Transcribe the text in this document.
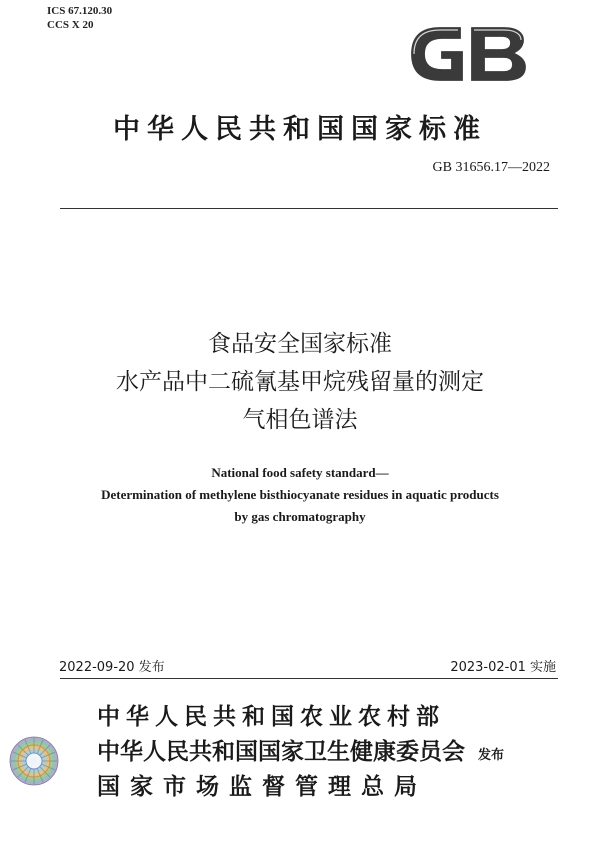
ICS 67.120.30
CCS X 20
中华人民共和国国家标准
GB 31656.17—2022
食品安全国家标准
水产品中二硫氰基甲烷残留量的测定
气相色谱法
National food safety standard—
Determination of methylene bisthiocyanate residues in aquatic products
by gas chromatography
2022-09-20 发布	2023-02-01 实施
中华人民共和国农业农村部
中华人民共和国国家卫生健康委员会
国家市场监督管理总局
发布
